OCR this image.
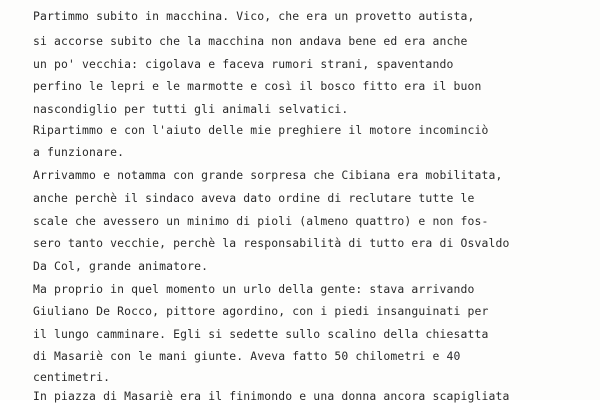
Partimmo subito in macchina. Vico, che era un provetto autista,
si accorse subito che la macchina non andava bene ed era anche
un po' vecchia: cigolava e faceva rumori strani, spaventando
perfino le lepri e le marmotte e così il bosco fitto era il buon
nascondiglio per tutti gli animali selvatici.
Ripartimmo e con l'aiuto delle mie preghiere il motore incominciò
a funzionare.
Arrivammo e notamma con grande sorpresa che Cibiana era mobilitata,
anche perchè il sindaco aveva dato ordine di reclutare tutte le
scale che avessero un minimo di pioli (almeno quattro) e non fos-
sero tanto vecchie, perchè la responsabilità di tutto era di Osvaldo
Da Col, grande animatore.
Ma proprio in quel momento un urlo della gente: stava arrivando
Giuliano De Rocco, pittore agordino, con i piedi insanguinati per
il lungo camminare. Egli si sedette sullo scalino della chiesatta
di Masariè con le mani giunte. Aveva fatto 50 chilometri e 40
centimetri.
In piazza di Masariè era il finimondo e una donna ancora scapigliata
